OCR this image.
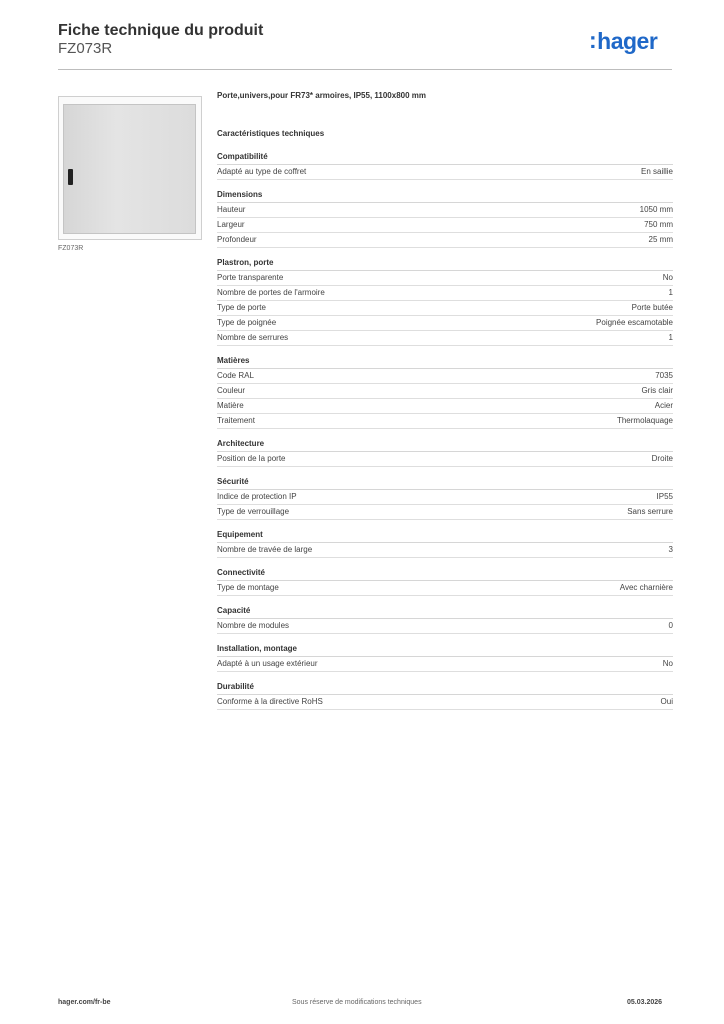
Fiche technique du produit
FZ073R	:hager
FZ073R
Porte,univers,pour FR73* armoires, IP55, 1100x800 mm
Caractéristiques techniques
Compatibilité
Adapté au type de coffret	En saillie
Dimensions
Hauteur	1050 mm
Largeur	750 mm
Profondeur	25 mm
Plastron, porte
Porte transparente	No
Nombre de portes de l'armoire	1
Type de porte	Porte butée
Type de poignée	Poignée escamotable
Nombre de serrures	1
Matières
Code RAL	7035
Couleur	Gris clair
Matière	Acier
Traitement	Thermolaquage
Architecture
Position de la porte	Droite
Sécurité
Indice de protection IP	IP55
Type de verrouillage	Sans serrure
Equipement
Nombre de travée de large	3
Connectivité
Type de montage	Avec charnière
Capacité
Nombre de modules	0
Installation, montage
Adapté à un usage extérieur	No
Durabilité
Conforme à la directive RoHS	Oui
hager.com/fr-be	Sous réserve de modifications techniques	05.03.2026
